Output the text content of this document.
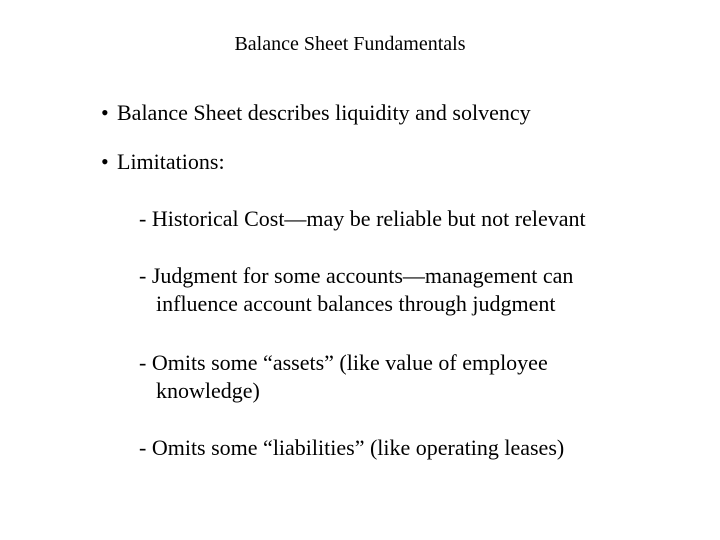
Balance Sheet Fundamentals
• Balance Sheet describes liquidity and solvency
• Limitations:
- Historical Cost—may be reliable but not relevant
- Judgment for some accounts—management can
influence account balances through judgment
- Omits some “assets” (like value of employee
knowledge)
- Omits some “liabilities” (like operating leases)
